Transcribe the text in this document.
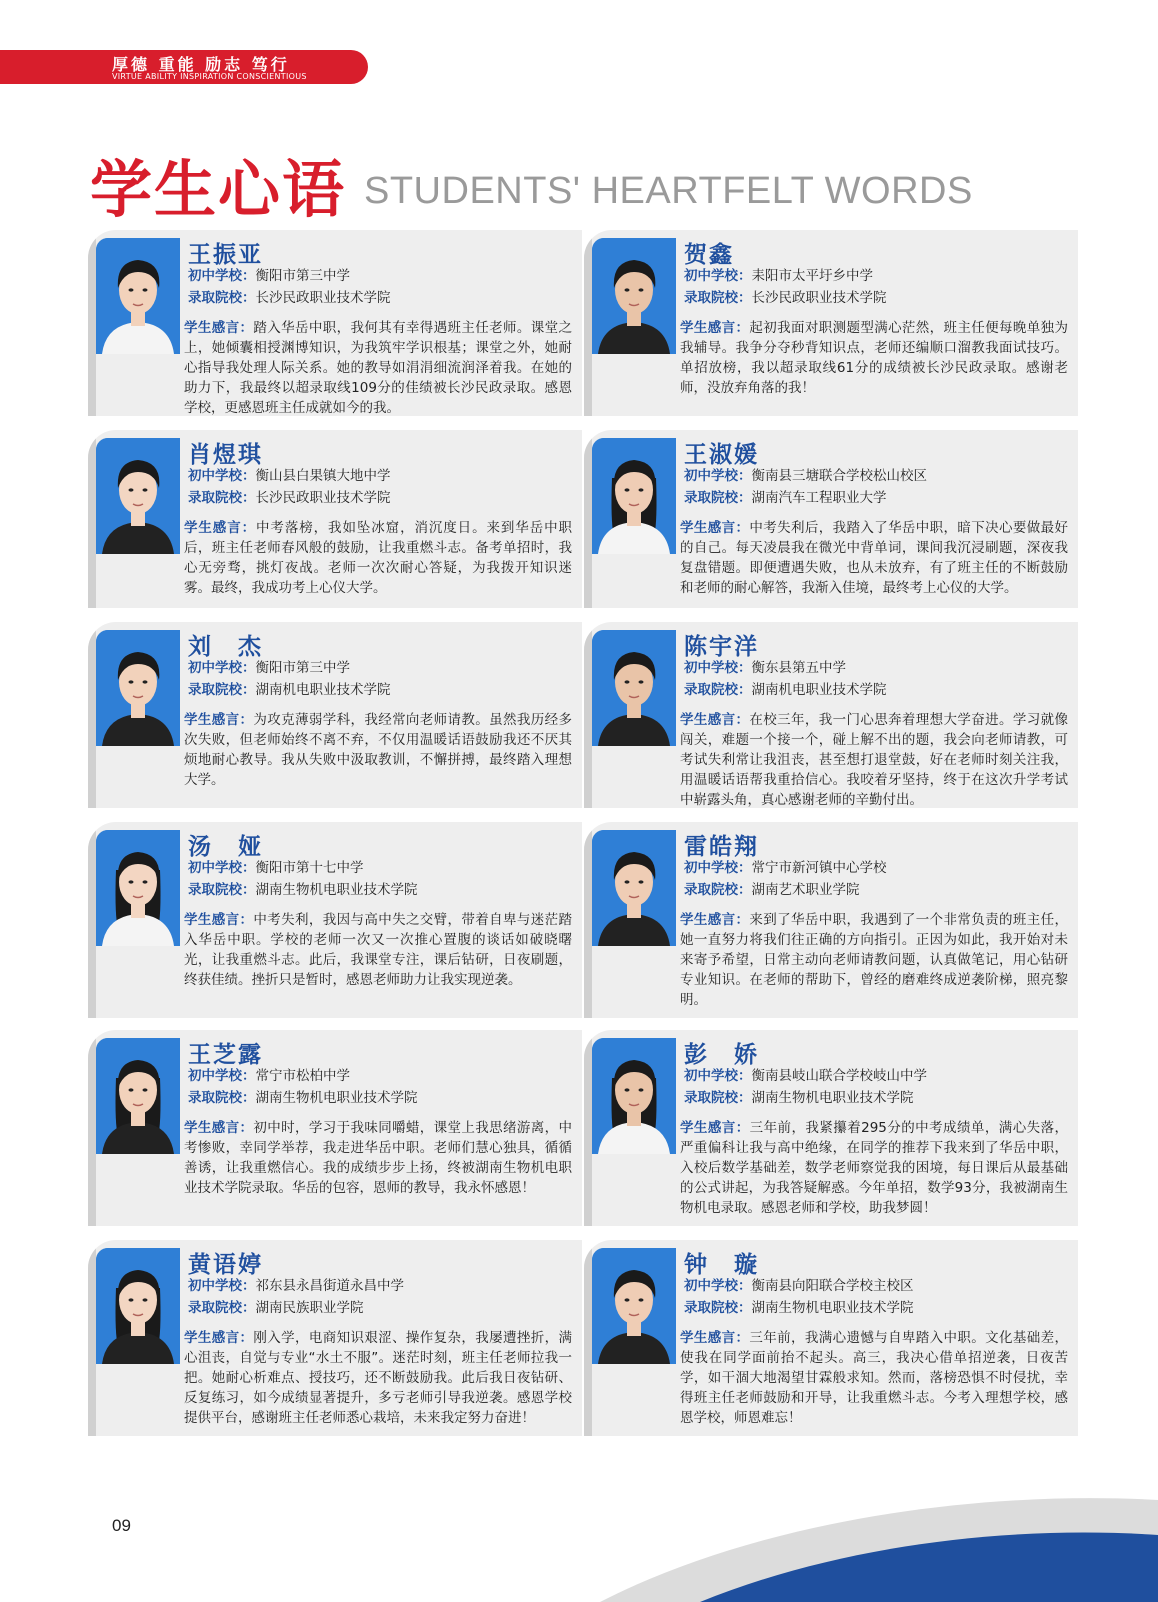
厚德 重能 励志 笃行
VIRTUE ABILITY INSPIRATION CONSCIENTIOUS
学生心语 STUDENTS' HEARTFELT WORDS
王振亚
初中学校：衡阳市第三中学
录取院校：长沙民政职业技术学院
学生感言：踏入华岳中职，我何其有幸得遇班主任老师。课堂之上，她倾囊相授渊博知识，为我筑牢学识根基；课堂之外，她耐心指导我处理人际关系。她的教导如涓涓细流润泽着我。在她的助力下，我最终以超录取线109分的佳绩被长沙民政录取。感恩学校，更感恩班主任成就如今的我。
贺鑫
初中学校：耒阳市太平圩乡中学
录取院校：长沙民政职业技术学院
学生感言：起初我面对职测题型满心茫然，班主任便每晚单独为我辅导。我争分夺秒背知识点，老师还编顺口溜教我面试技巧。单招放榜，我以超录取线61分的成绩被长沙民政录取。感谢老师，没放弃角落的我！
肖煜琪
初中学校：衡山县白果镇大地中学
录取院校：长沙民政职业技术学院
学生感言：中考落榜，我如坠冰窟，消沉度日。来到华岳中职后，班主任老师春风般的鼓励，让我重燃斗志。备考单招时，我心无旁骛，挑灯夜战。老师一次次耐心答疑，为我拨开知识迷雾。最终，我成功考上心仪大学。
王淑媛
初中学校：衡南县三塘联合学校松山校区
录取院校：湖南汽车工程职业大学
学生感言：中考失利后，我踏入了华岳中职，暗下决心要做最好的自己。每天凌晨我在微光中背单词，课间我沉浸刷题，深夜我复盘错题。即便遭遇失败，也从未放弃，有了班主任的不断鼓励和老师的耐心解答，我渐入佳境，最终考上心仪的大学。
刘　杰
初中学校：衡阳市第三中学
录取院校：湖南机电职业技术学院
学生感言：为攻克薄弱学科，我经常向老师请教。虽然我历经多次失败，但老师始终不离不弃，不仅用温暖话语鼓励我还不厌其烦地耐心教导。我从失败中汲取教训，不懈拼搏，最终踏入理想大学。
陈宇洋
初中学校：衡东县第五中学
录取院校：湖南机电职业技术学院
学生感言：在校三年，我一门心思奔着理想大学奋进。学习就像闯关，难题一个接一个，碰上解不出的题，我会向老师请教，可考试失利常让我沮丧，甚至想打退堂鼓，好在老师时刻关注我，用温暖话语帮我重拾信心。我咬着牙坚持，终于在这次升学考试中崭露头角，真心感谢老师的辛勤付出。
汤　娅
初中学校：衡阳市第十七中学
录取院校：湖南生物机电职业技术学院
学生感言：中考失利，我因与高中失之交臂，带着自卑与迷茫踏入华岳中职。学校的老师一次又一次推心置腹的谈话如破晓曙光，让我重燃斗志。此后，我课堂专注，课后钻研，日夜刷题，终获佳绩。挫折只是暂时，感恩老师助力让我实现逆袭。
雷皓翔
初中学校：常宁市新河镇中心学校
录取院校：湖南艺术职业学院
学生感言：来到了华岳中职，我遇到了一个非常负责的班主任，她一直努力将我们往正确的方向指引。正因为如此，我开始对未来寄予希望，日常主动向老师请教问题，认真做笔记，用心钻研专业知识。在老师的帮助下，曾经的磨难终成逆袭阶梯，照亮黎明。
王芝露
初中学校：常宁市松柏中学
录取院校：湖南生物机电职业技术学院
学生感言：初中时，学习于我味同嚼蜡，课堂上我思绪游离，中考惨败，幸同学举荐，我走进华岳中职。老师们慧心独具，循循善诱，让我重燃信心。我的成绩步步上扬，终被湖南生物机电职业技术学院录取。华岳的包容，恩师的教导，我永怀感恩！
彭　娇
初中学校：衡南县岐山联合学校岐山中学
录取院校：湖南生物机电职业技术学院
学生感言：三年前，我紧攥着295分的中考成绩单，满心失落，严重偏科让我与高中绝缘，在同学的推荐下我来到了华岳中职，入校后数学基础差，数学老师察觉我的困境，每日课后从最基础的公式讲起，为我答疑解惑。今年单招，数学93分，我被湖南生物机电录取。感恩老师和学校，助我梦圆！
黄语婷
初中学校：祁东县永昌街道永昌中学
录取院校：湖南民族职业学院
学生感言：刚入学，电商知识艰涩、操作复杂，我屡遭挫折，满心沮丧，自觉与专业“水土不服”。迷茫时刻，班主任老师拉我一把。她耐心析难点、授技巧，还不断鼓励我。此后我日夜钻研、反复练习，如今成绩显著提升，多亏老师引导我逆袭。感恩学校提供平台，感谢班主任老师悉心栽培，未来我定努力奋进！
钟　璇
初中学校：衡南县向阳联合学校主校区
录取院校：湖南生物机电职业技术学院
学生感言：三年前，我满心遗憾与自卑踏入中职。文化基础差，使我在同学面前抬不起头。高三，我决心借单招逆袭，日夜苦学，如干涸大地渴望甘霖般求知。然而，落榜恐惧不时侵扰，幸得班主任老师鼓励和开导，让我重燃斗志。今考入理想学校，感恩学校，师恩难忘！
09
